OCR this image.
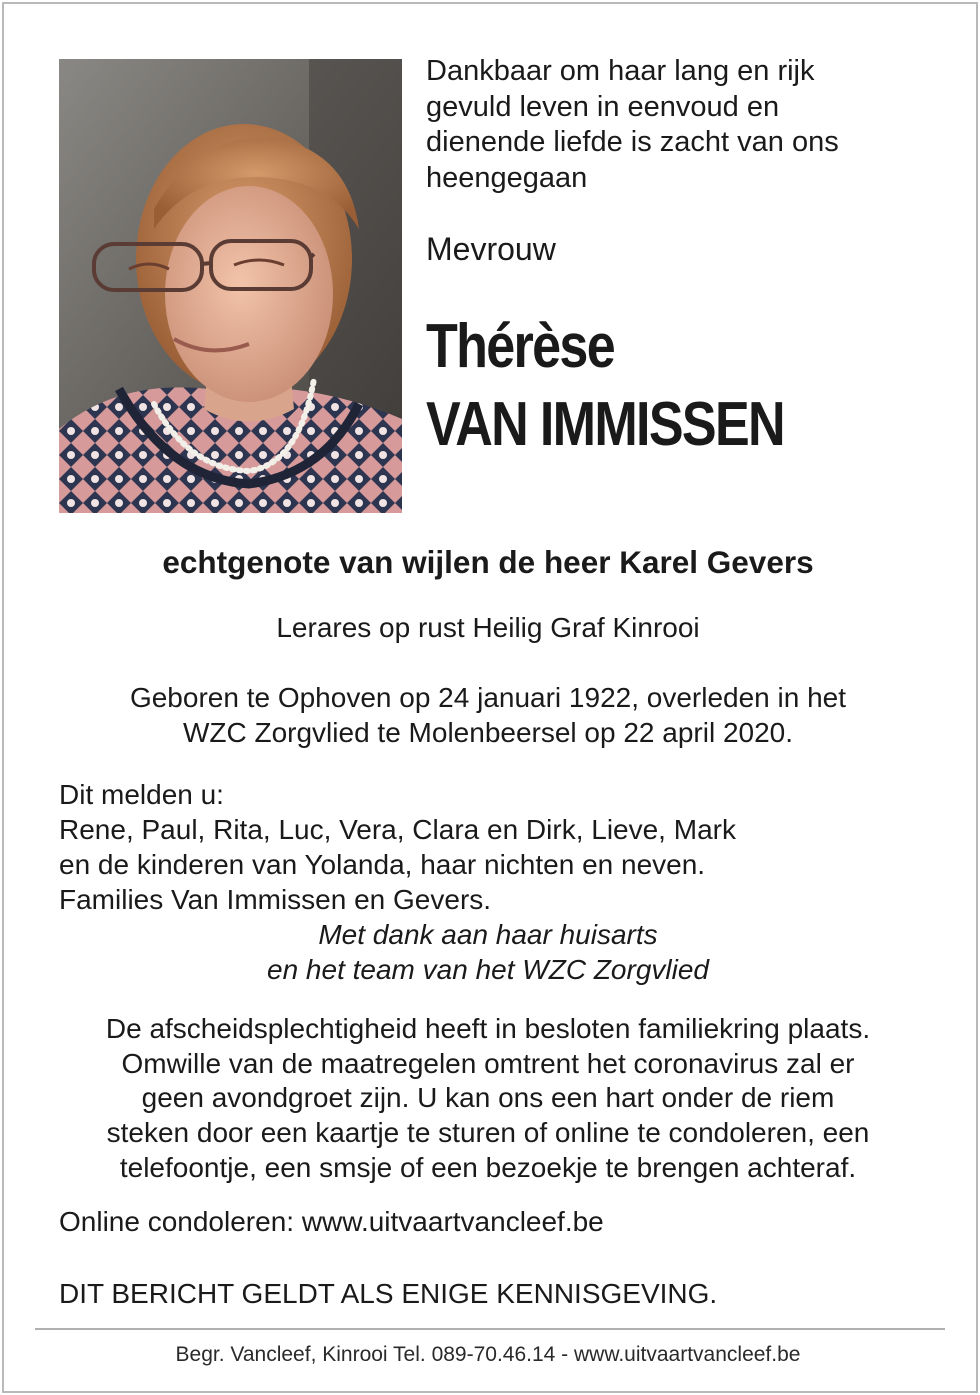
Dankbaar om haar lang en rijk
gevuld leven in eenvoud en
dienende liefde is zacht van ons
heengegaan
Mevrouw
Thérèse
VAN IMMISSEN
echtgenote van wijlen de heer Karel Gevers
Lerares op rust Heilig Graf Kinrooi
Geboren te Ophoven op 24 januari 1922, overleden in het
WZC Zorgvlied te Molenbeersel op 22 april 2020.
Dit melden u:
Rene, Paul, Rita, Luc, Vera, Clara en Dirk, Lieve, Mark
en de kinderen van Yolanda, haar nichten en neven.
Families Van Immissen en Gevers.
Met dank aan haar huisarts
en het team van het WZC Zorgvlied
De afscheidsplechtigheid heeft in besloten familiekring plaats.
Omwille van de maatregelen omtrent het coronavirus zal er
geen avondgroet zijn. U kan ons een hart onder de riem
steken door een kaartje te sturen of online te condoleren, een
telefoontje, een smsje of een bezoekje te brengen achteraf.
Online condoleren: www.uitvaartvancleef.be
DIT BERICHT GELDT ALS ENIGE KENNISGEVING.
Begr. Vancleef, Kinrooi Tel. 089-70.46.14 - www.uitvaartvancleef.be
